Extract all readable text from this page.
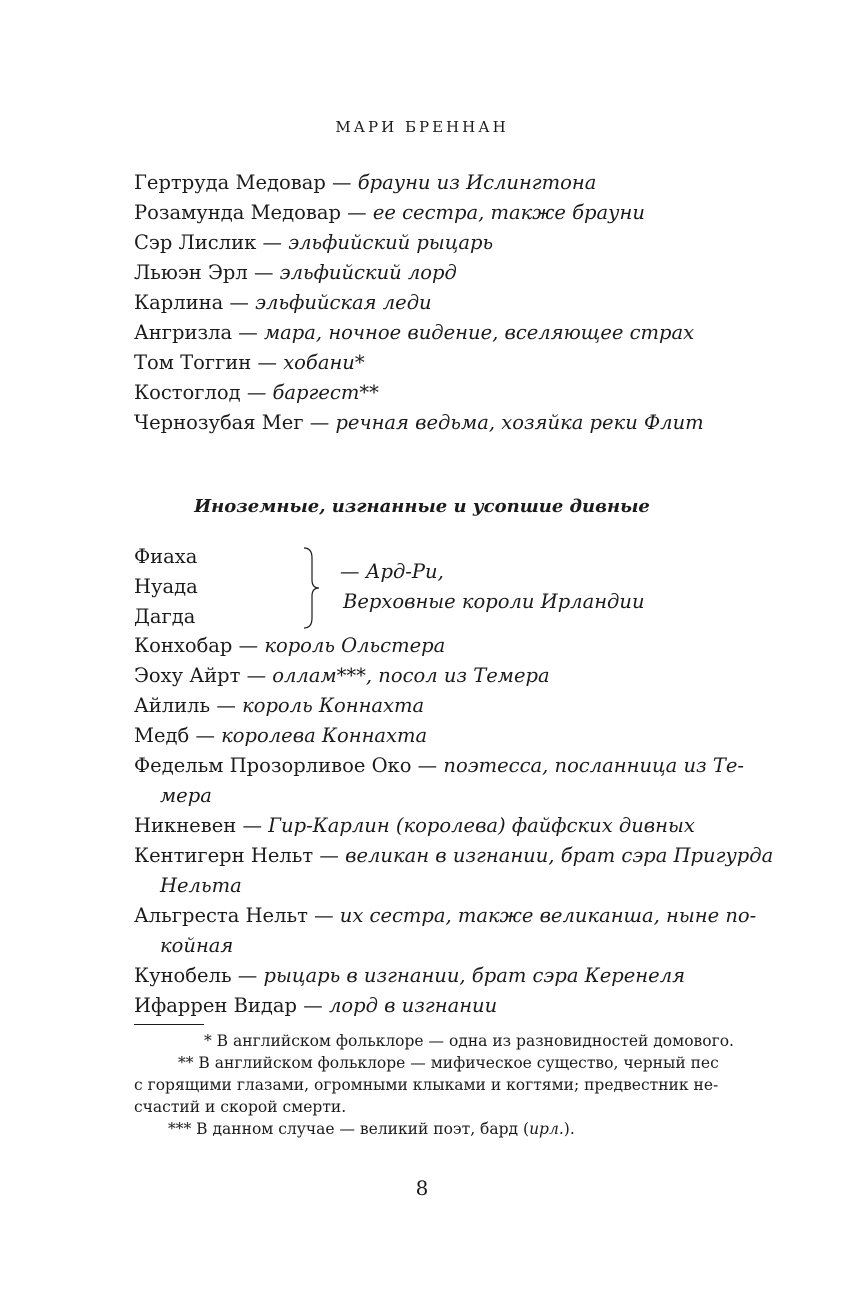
МАРИ БРЕННАН
Гертруда Медовар — брауни из Ислингтона
Розамунда Медовар — ее сестра, также брауни
Сэр Лислик — эльфийский рыцарь
Льюэн Эрл — эльфийский лорд
Карлина — эльфийская леди
Ангризла — мара, ночное видение, вселяющее страх
Том Тоггин — хобани*
Костоглод — баргест**
Чернозубая Мег — речная ведьма, хозяйка реки Флит
Иноземные, изгнанные и усопшие дивные
Фиаха
Нуада
Дагда
— Ард-Ри,
Верховные короли Ирландии
Конхобар — король Ольстера
Эоху Айрт — оллам***, посол из Темера
Айлиль — король Коннахта
Медб — королева Коннахта
Федельм Прозорливое Око — поэтесса, посланница из Те-
мера
Никневен — Гир-Карлин (королева) файфских дивных
Кентигерн Нельт — великан в изгнании, брат сэра Пригурда
Нельта
Альгреста Нельт — их сестра, также великанша, ныне по-
койная
Кунобель — рыцарь в изгнании, брат сэра Керенеля
Ифаррен Видар — лорд в изгнании
* В английском фольклоре — одна из разновидностей домового.
** В английском фольклоре — мифическое существо, черный пес
с горящими глазами, огромными клыками и когтями; предвестник не-
счастий и скорой смерти.
*** В данном случае — великий поэт, бард (ирл.).
8
